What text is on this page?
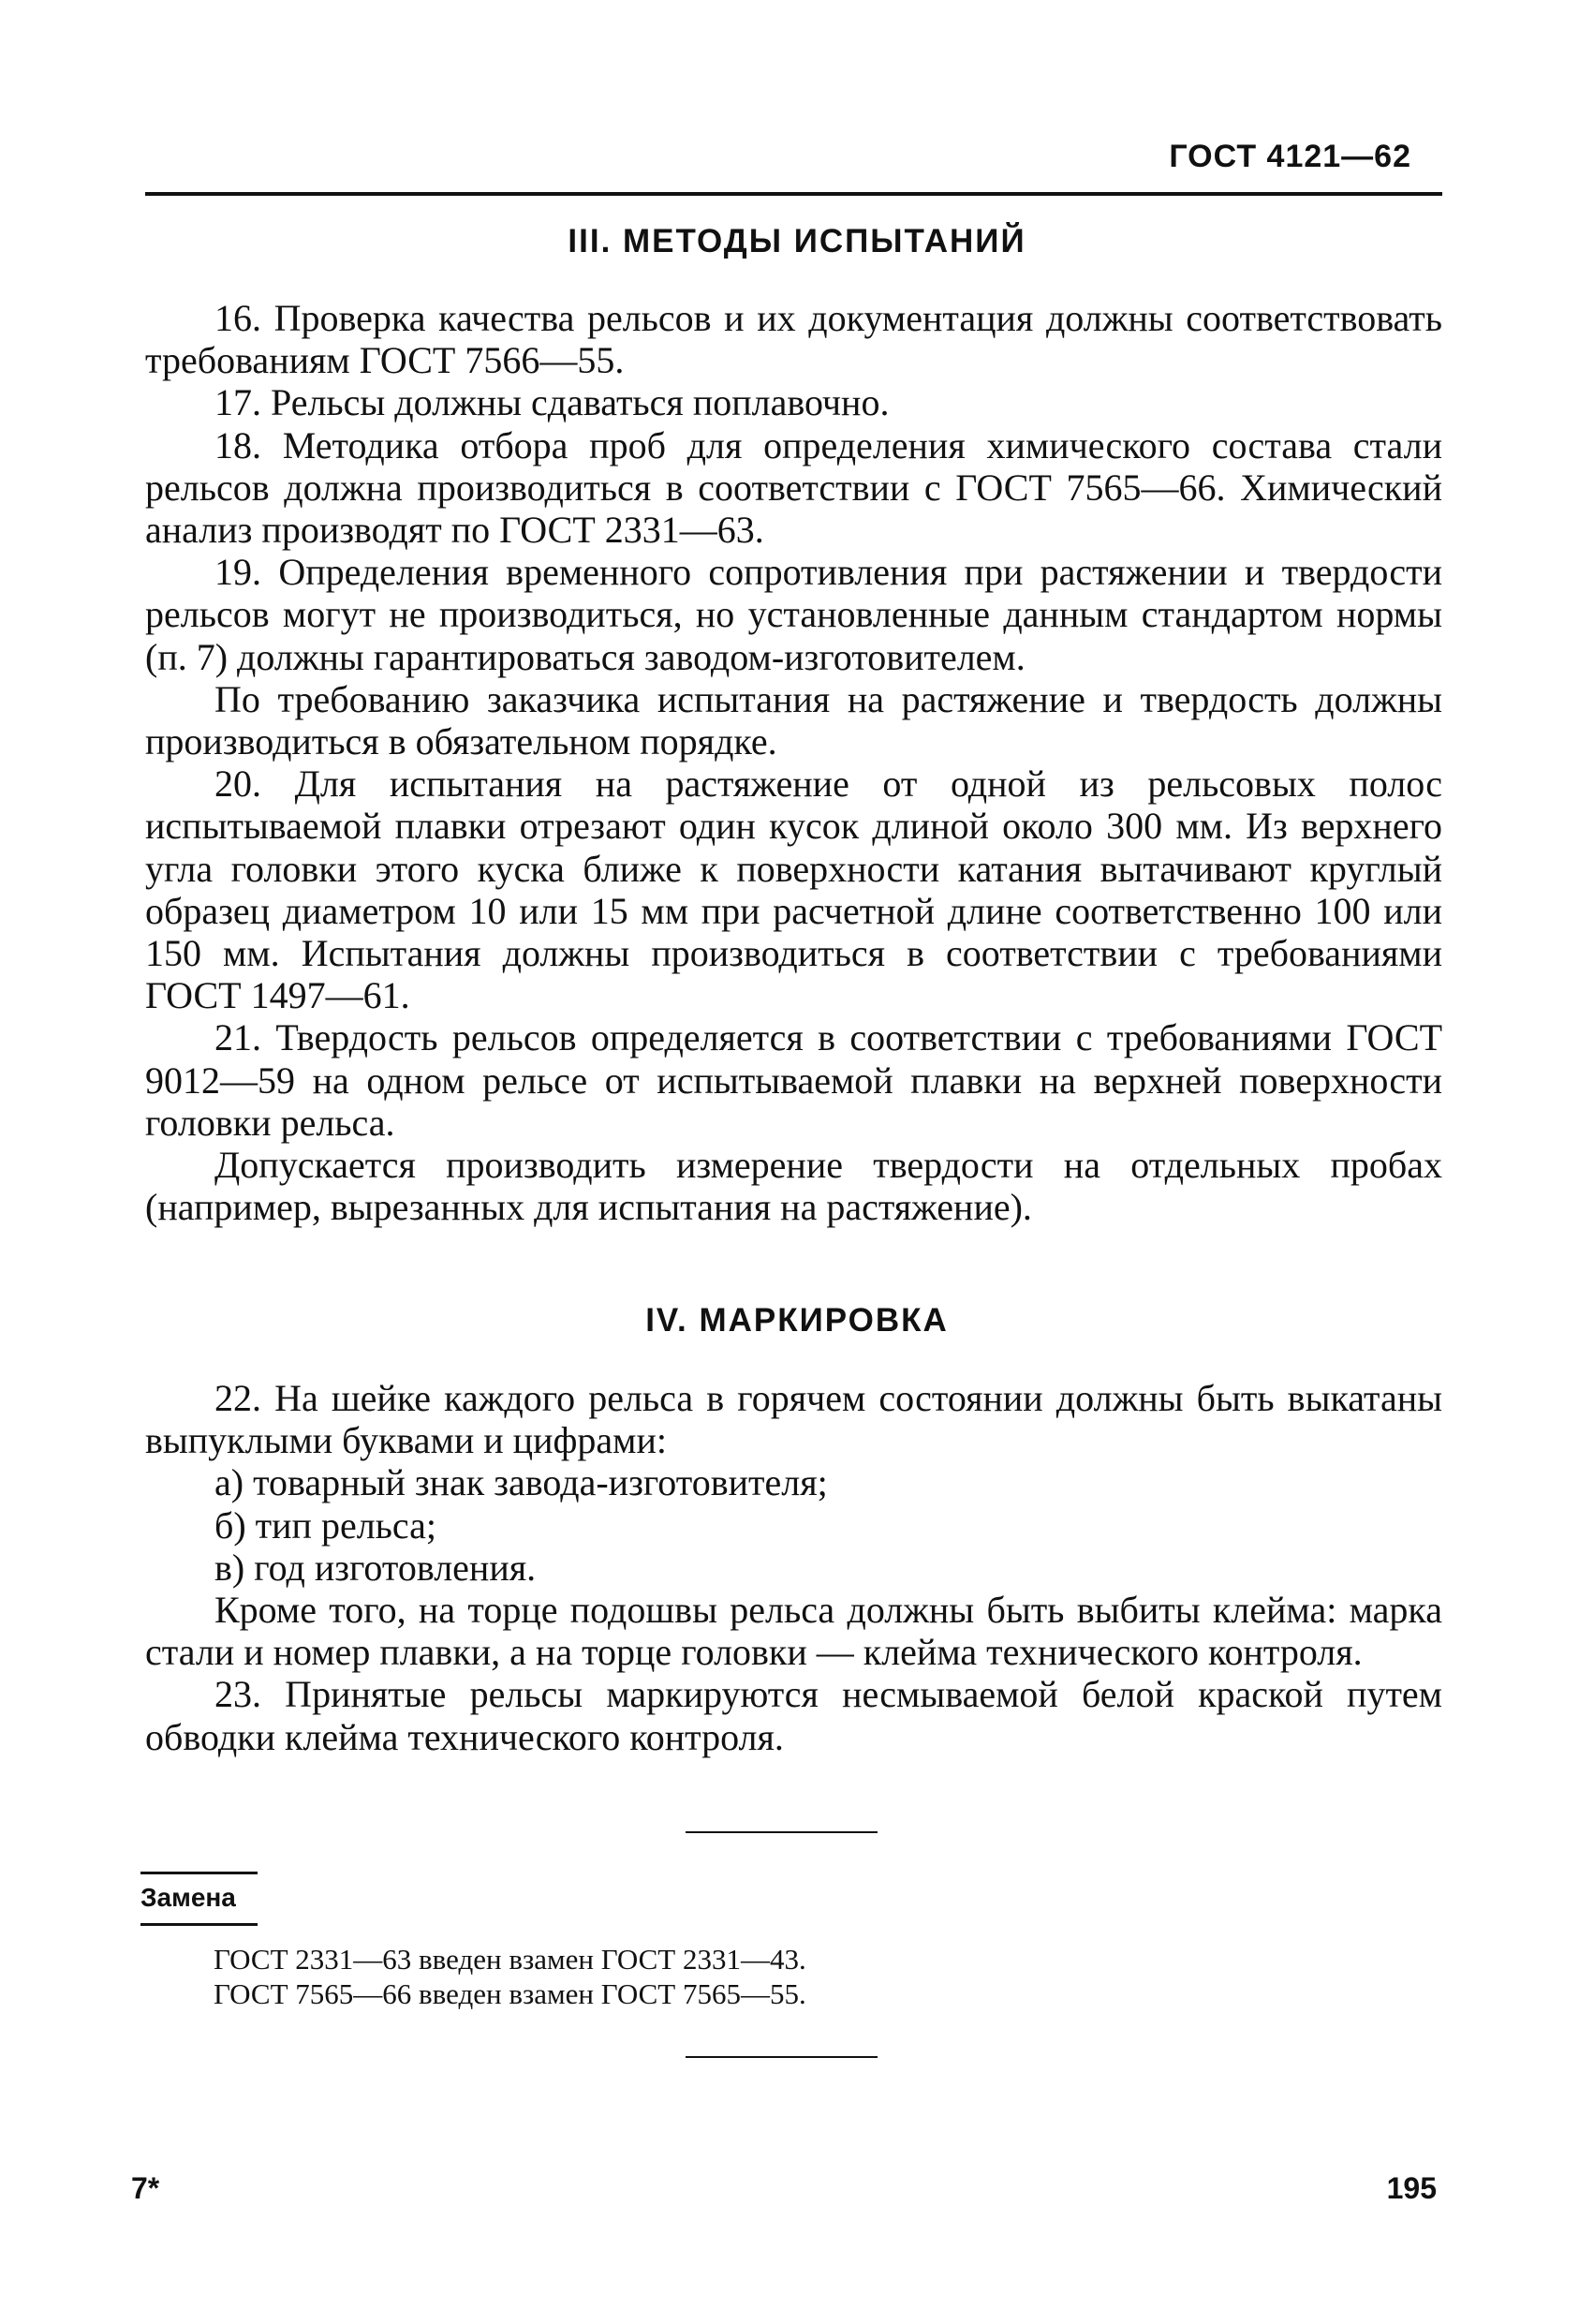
ГОСТ 4121—62
III. МЕТОДЫ ИСПЫТАНИЙ

16. Проверка качества рельсов и их документация должны соответствовать требованиям ГОСТ 7566—55.

17. Рельсы должны сдаваться поплавочно.

18. Методика отбора проб для определения химического состава стали рельсов должна производиться в соответствии с ГОСТ 7565—66. Химический анализ производят по ГОСТ 2331—63.

19. Определения временного сопротивления при растяжении и твердости рельсов могут не производиться, но установленные данным стандартом нормы (п. 7) должны гарантироваться заводом-изготовителем.

По требованию заказчика испытания на растяжение и твердость должны производиться в обязательном порядке.

20. Для испытания на растяжение от одной из рельсовых полос испытываемой плавки отрезают один кусок длиной около 300 мм. Из верхнего угла головки этого куска ближе к поверхности катания вытачивают круглый образец диаметром 10 или 15 мм при расчетной длине соответственно 100 или 150 мм. Испытания должны производиться в соответствии с требованиями ГОСТ 1497—61.

21. Твердость рельсов определяется в соответствии с требованиями ГОСТ 9012—59 на одном рельсе от испытываемой плавки на верхней поверхности головки рельса.

Допускается производить измерение твердости на отдельных пробах (например, вырезанных для испытания на растяжение).

IV. МАРКИРОВКА

22. На шейке каждого рельса в горячем состоянии должны быть выкатаны выпуклыми буквами и цифрами:

а) товарный знак завода-изготовителя;

б) тип рельса;

в) год изготовления.

Кроме того, на торце подошвы рельса должны быть выбиты клейма: марка стали и номер плавки, а на торце головки — клейма технического контроля.

23. Принятые рельсы маркируются несмываемой белой краской путем обводки клейма технического контроля.

Замена
ГОСТ 2331—63 введен взамен ГОСТ 2331—43.
ГОСТ 7565—66 введен взамен ГОСТ 7565—55.
7*	195
